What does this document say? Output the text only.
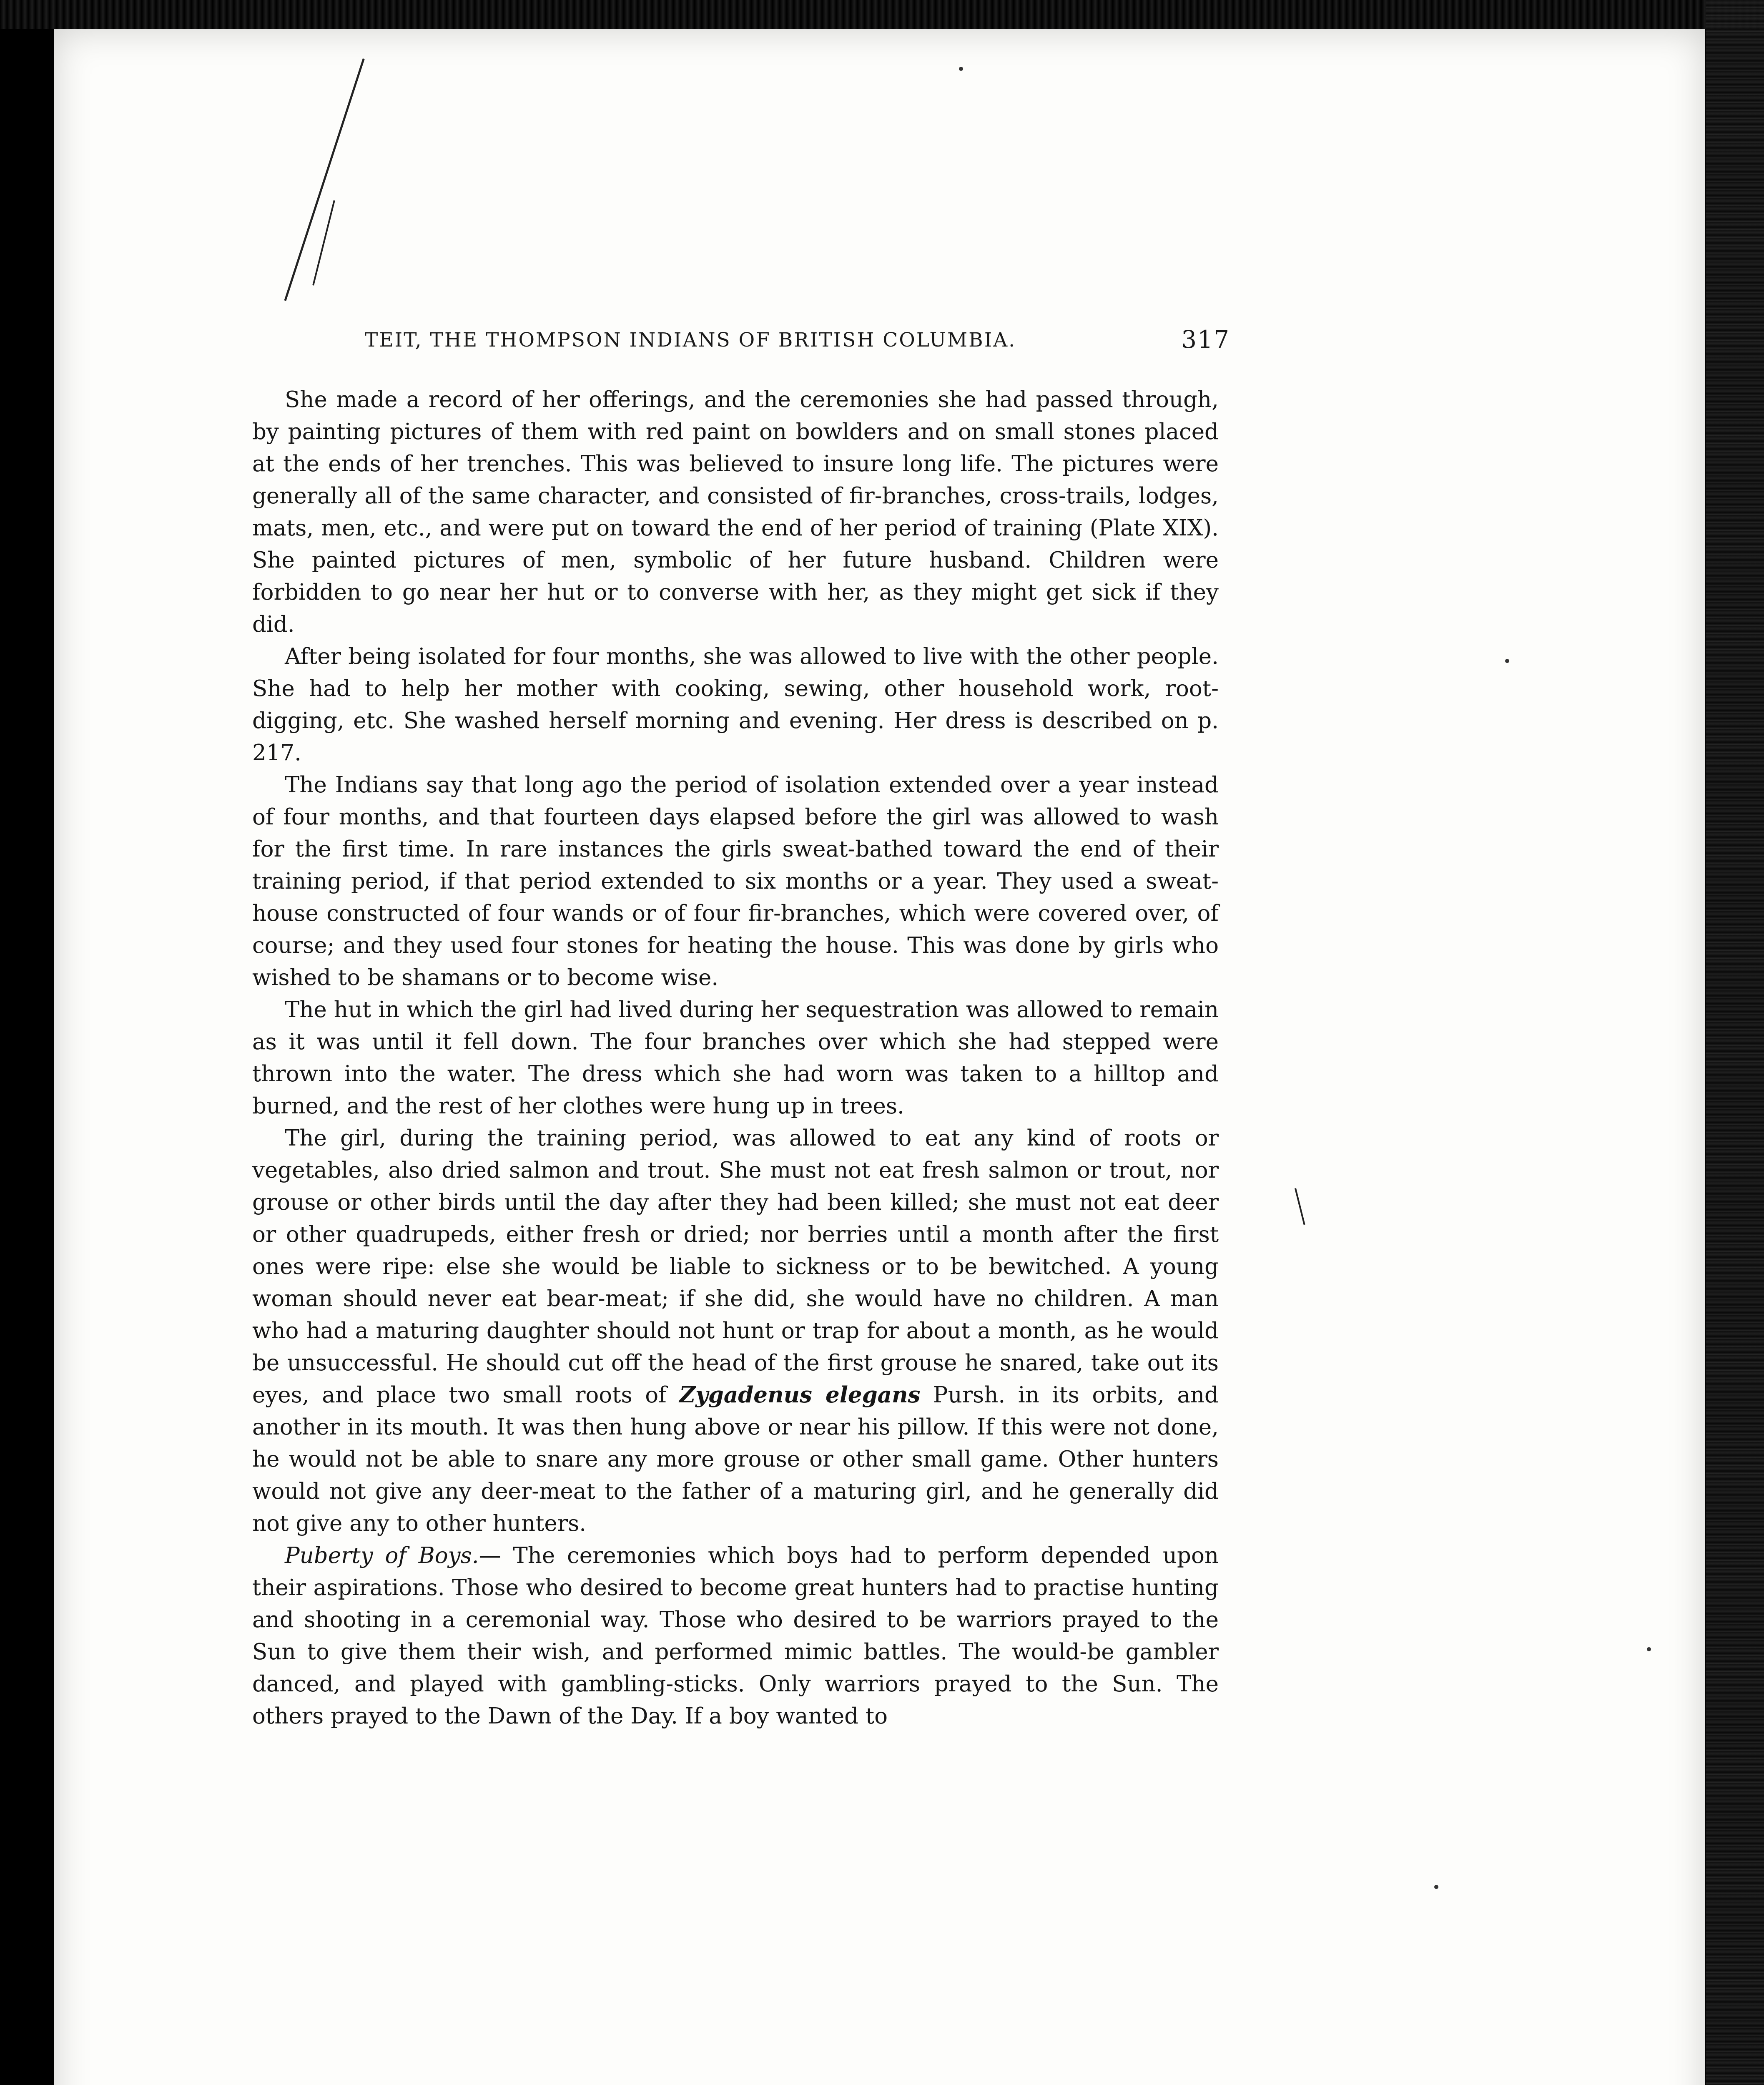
TEIT, THE THOMPSON INDIANS OF BRITISH COLUMBIA.	317

She made a record of her offerings, and the ceremonies she had passed through, by painting pictures of them with red paint on bowlders and on small stones placed at the ends of her trenches. This was believed to insure long life. The pictures were generally all of the same character, and consisted of fir-branches, cross-trails, lodges, mats, men, etc., and were put on toward the end of her period of training (Plate XIX). She painted pictures of men, symbolic of her future husband. Children were forbidden to go near her hut or to converse with her, as they might get sick if they did.

After being isolated for four months, she was allowed to live with the other people. She had to help her mother with cooking, sewing, other household work, root-digging, etc. She washed herself morning and evening. Her dress is described on p. 217.

The Indians say that long ago the period of isolation extended over a year instead of four months, and that fourteen days elapsed before the girl was allowed to wash for the first time. In rare instances the girls sweat-bathed toward the end of their training period, if that period extended to six months or a year. They used a sweat-house constructed of four wands or of four fir-branches, which were covered over, of course; and they used four stones for heating the house. This was done by girls who wished to be shamans or to become wise.

The hut in which the girl had lived during her sequestration was allowed to remain as it was until it fell down. The four branches over which she had stepped were thrown into the water. The dress which she had worn was taken to a hilltop and burned, and the rest of her clothes were hung up in trees.

The girl, during the training period, was allowed to eat any kind of roots or vegetables, also dried salmon and trout. She must not eat fresh salmon or trout, nor grouse or other birds until the day after they had been killed; she must not eat deer or other quadrupeds, either fresh or dried; nor berries until a month after the first ones were ripe: else she would be liable to sickness or to be bewitched. A young woman should never eat bear-meat; if she did, she would have no children. A man who had a maturing daughter should not hunt or trap for about a month, as he would be unsuccessful. He should cut off the head of the first grouse he snared, take out its eyes, and place two small roots of Zygadenus elegans Pursh. in its orbits, and another in its mouth. It was then hung above or near his pillow. If this were not done, he would not be able to snare any more grouse or other small game. Other hunters would not give any deer-meat to the father of a maturing girl, and he generally did not give any to other hunters.

Puberty of Boys.— The ceremonies which boys had to perform depended upon their aspirations. Those who desired to become great hunters had to practise hunting and shooting in a ceremonial way. Those who desired to be warriors prayed to the Sun to give them their wish, and performed mimic battles. The would-be gambler danced, and played with gambling-sticks. Only warriors prayed to the Sun. The others prayed to the Dawn of the Day. If a boy wanted to
